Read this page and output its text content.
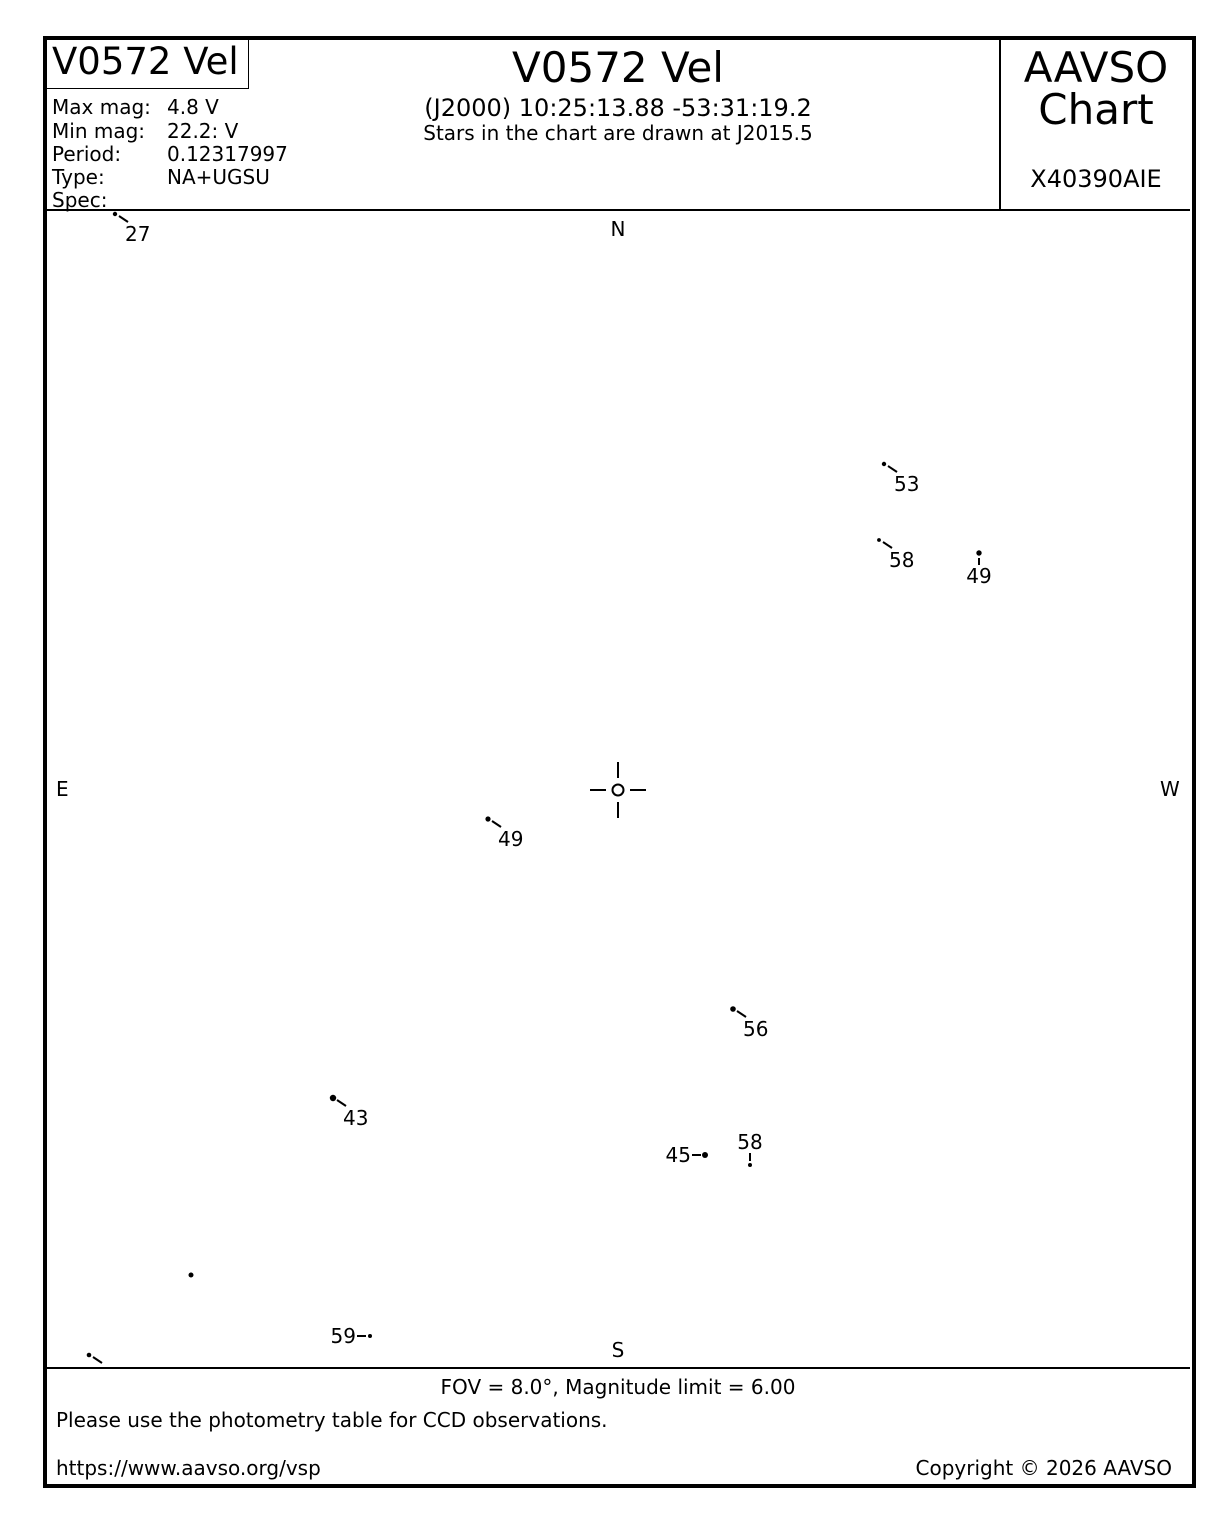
V0572 Vel	V0572 Vel
(J2000) 10:25:13.88 -53:31:19.2
Stars in the chart are drawn at J2015.5
AAVSO
Chart
X40390AIE
Max mag: 4.8 V
Min mag: 22.2: V
Period: 0.12317997
Type:	NA+UGSU
Spec:
N
S
E	W
27
53
58
49
49
56
43
45
58
59
FOV = 8.0°, Magnitude limit = 6.00
Please use the photometry table for CCD observations.
https://www.aavso.org/vsp	Copyright © 2026 AAVSO
